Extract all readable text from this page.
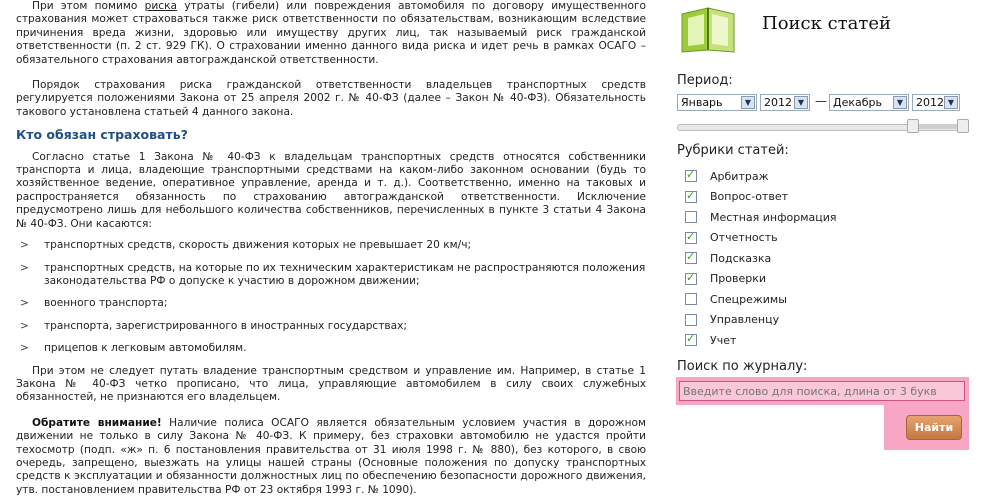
При этом помимо риска утраты (гибели) или повреждения автомобиля по договору имущественного страхования может страховаться также риск ответственности по обязательствам, возникающим вследствие причинения вреда жизни, здоровью или имуществу других лиц, так называемый риск гражданской ответственности (п. 2 ст. 929 ГК). О страховании именно данного вида риска и идет речь в рамках ОСАГО – обязательного страхования автогражданской ответственности.

Порядок страхования риска гражданской ответственности владельцев транспортных средств регулируется положениями Закона от 25 апреля 2002 г. № 40-ФЗ (далее – Закон № 40-ФЗ). Обязательность такового установлена статьей 4 данного закона.

Кто обязан страховать?

Согласно статье 1 Закона № 40-ФЗ к владельцам транспортных средств относятся собственники транспорта и лица, владеющие транспортными средствами на каком-либо законном основании (будь то хозяйственное ведение, оперативное управление, аренда и т. д.). Соответственно, именно на таковых и распространяется обязанность по страхованию автогражданской ответственности. Исключение предусмотрено лишь для небольшого количества собственников, перечисленных в пункте 3 статьи 4 Закона № 40-ФЗ. Они касаются:

> транспортных средств, скорость движения которых не превышает 20 км/ч;
> транспортных средств, на которые по их техническим характеристикам не распространяются положения законодательства РФ о допуске к участию в дорожном движении;
> военного транспорта;
> транспорта, зарегистрированного в иностранных государствах;
> прицепов к легковым автомобилям.

При этом не следует путать владение транспортным средством и управление им. Например, в статье 1 Закона № 40-ФЗ четко прописано, что лица, управляющие автомобилем в силу своих служебных обязанностей, не признаются его владельцем.

Обратите внимание! Наличие полиса ОСАГО является обязательным условием участия в дорожном движении не только в силу Закона № 40-ФЗ. К примеру, без страховки автомобилю не удастся пройти техосмотр (подп. «ж» п. 6 постановления правительства от 31 июля 1998 г. № 880), без которого, в свою очередь, запрещено, выезжать на улицы нашей страны (Основные положения по допуску транспортных средств к эксплуатации и обязанности должностных лиц по обеспечению безопасности дорожного движения, утв. постановлением правительства РФ от 23 октября 1993 г. № 1090).

Поиск статей
Период:
Январь	▼	2012 ▼ — Декабрь	▼	2012 ▼
Рубрики статей:
✓
Арбитраж
✓
Вопрос-ответ
Местная информация
✓
Отчетность
✓
Подсказка
✓
Проверки
Спецрежимы
Управленцу
✓
Учет
Поиск по журналу:
Введите слово для поиска, длина от 3 букв
Найти
